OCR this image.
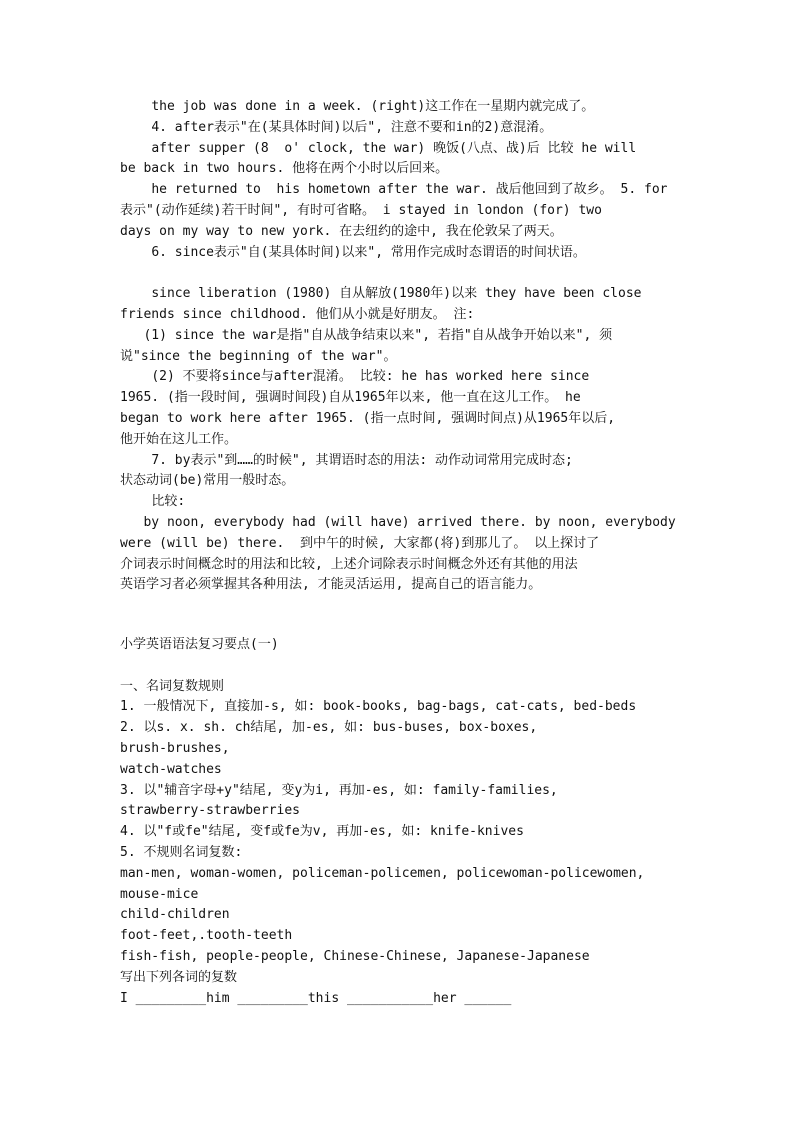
the job was done in a week. (right)这工作在一星期内就完成了。

4. after表示"在(某具体时间)以后", 注意不要和in的2)意混淆。

after supper (8  o' clock, the war) 晚饭(八点、战)后 比较 he will

be back in two hours. 他将在两个小时以后回来。

he returned to  his hometown after the war. 战后他回到了故乡。 5. for

表示"(动作延续)若干时间", 有时可省略。 i stayed in london (for) two

days on my way to new york. 在去纽约的途中, 我在伦敦呆了两天。

6. since表示"自(某具体时间)以来", 常用作完成时态谓语的时间状语。

since liberation (1980) 自从解放(1980年)以来 they have been close

friends since childhood. 他们从小就是好朋友。 注:

(1) since the war是指"自从战争结束以来", 若指"自从战争开始以来", 须

说"since the beginning of the war"。

(2) 不要将since与after混淆。 比较: he has worked here since

1965. (指一段时间, 强调时间段)自从1965年以来, 他一直在这儿工作。 he

began to work here after 1965. (指一点时间, 强调时间点)从1965年以后,

他开始在这儿工作。

7. by表示"到……的时候", 其谓语时态的用法: 动作动词常用完成时态;

状态动词(be)常用一般时态。

比较:

by noon, everybody had (will have) arrived there. by noon, everybody

were (will be) there.  到中午的时候, 大家都(将)到那儿了。 以上探讨了

介词表示时间概念时的用法和比较, 上述介词除表示时间概念外还有其他的用法

英语学习者必须掌握其各种用法, 才能灵活运用, 提高自己的语言能力。

小学英语语法复习要点(一)

一、名词复数规则

1. 一般情况下, 直接加-s, 如: book-books, bag-bags, cat-cats, bed-beds

2. 以s. x. sh. ch结尾, 加-es, 如: bus-buses, box-boxes,

brush-brushes,

watch-watches

3. 以"辅音字母+y"结尾, 变y为i, 再加-es, 如: family-families,

strawberry-strawberries

4. 以"f或fe"结尾, 变f或fe为v, 再加-es, 如: knife-knives

5. 不规则名词复数:

man-men, woman-women, policeman-policemen, policewoman-policewomen,

mouse-mice

child-children

foot-feet,.tooth-teeth

fish-fish, people-people, Chinese-Chinese, Japanese-Japanese

写出下列各词的复数

I _________him _________this ___________her ______
